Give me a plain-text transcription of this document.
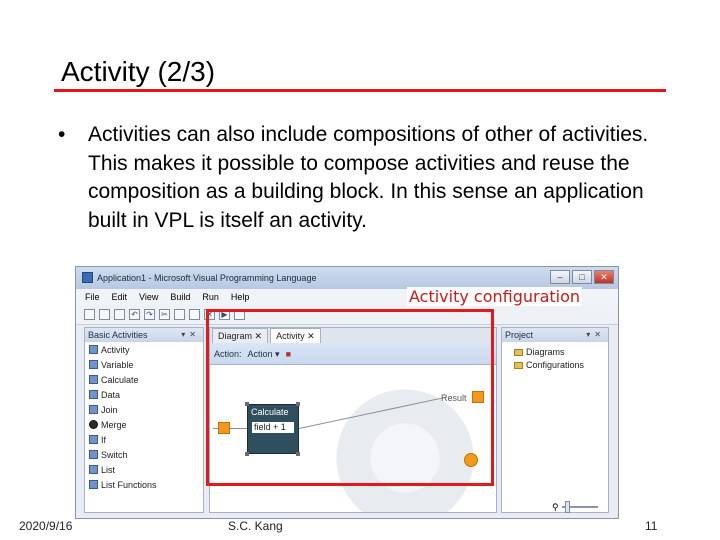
Activity (2/3)
• Activities can also include compositions of other of activities. This makes it possible to compose activities and reuse the composition as a building block. In this sense an application built in VPL is itself an activity.
Application1 - Microsoft Visual Programming Language	–	□	✕
File Edit View Build Run Help
↶ ↷ ✂	✕	▶
Basic Activities	▾✕
Activity
Variable
Calculate
Data
Join
Merge
If
Switch
List
List Functions
Diagram ✕	Activity ✕
Action: Action ▾ ■
Project	▾✕
Diagrams
Configurations
⚲
Result
Calculate
field + 1
Activity configuration
2020/9/16	S.C. Kang	11
